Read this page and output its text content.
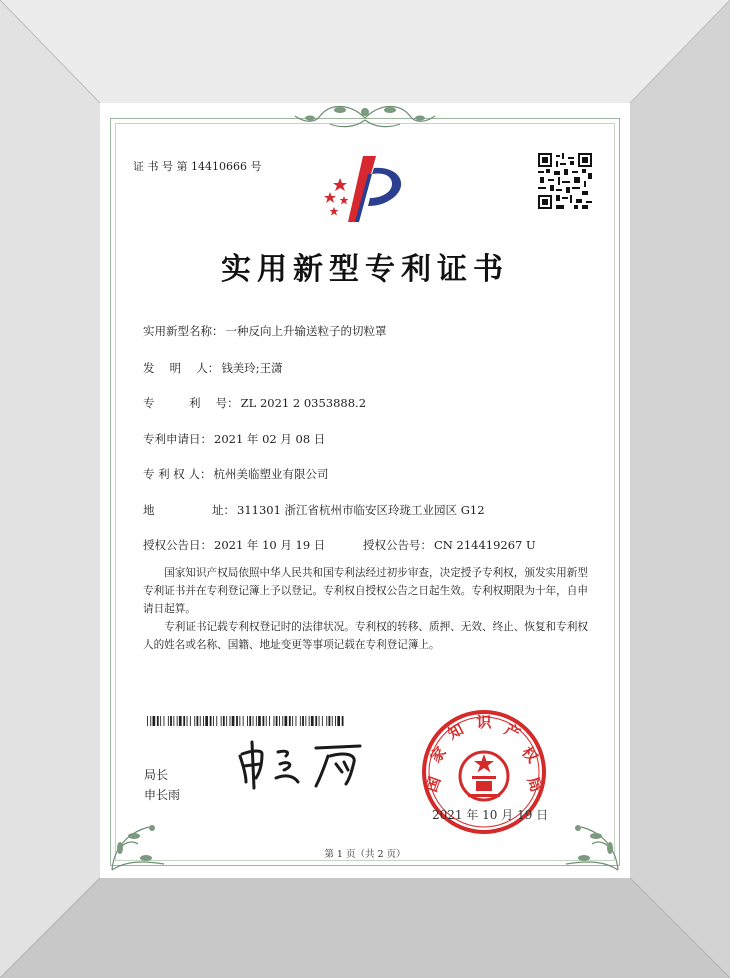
证 书 号 第 14410666 号
实用新型专利证书
实用新型名称： 一种反向上升输送粒子的切粒罩
发　 明　 人： 钱美玲;王潇
专　　　利　 号： ZL 2021 2 0353888.2
专利申请日： 2021 年 02 月 08 日
专 利 权 人： 杭州美临塑业有限公司
地　　　　　址： 311301 浙江省杭州市临安区玲珑工业园区 G12
授权公告日： 2021 年 10 月 19 日	授权公告号： CN 214419267 U
国家知识产权局依照中华人民共和国专利法经过初步审查，决定授予专利权，颁发实用新型专利证书并在专利登记簿上予以登记。专利权自授权公告之日起生效。专利权期限为十年，自申请日起算。
专利证书记载专利权登记时的法律状况。专利权的转移、质押、无效、终止、恢复和专利权人的姓名或名称、国籍、地址变更等事项记载在专利登记簿上。
局长
申长雨
国
家
知 识 产
权
局
2021 年 10 月 19 日
第 1 页（共 2 页）
